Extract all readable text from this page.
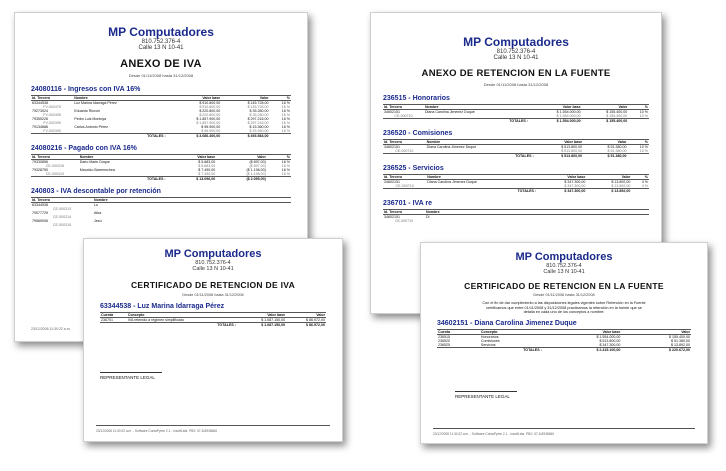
MP Computadores
810.752.376-4
Calle 13 N 10-41
ANEXO DE IVA
Desde 01/11/2008 hasta 31/12/2008
24080116 - Ingresos con IVA 16%
Id. Tercero	Nombre	Valor base	Valor	%
63344538	Luz Marina Idarraga Pérez	$ 910.800,00	$ 145.728,00	16 %
FV-002476		$ 910.800,00	$ 145.728,00	16 %
79273024	Eduardo Rincón	$ 220.800,00	$ 35.280,00	16 %
FV-002405		$ 220.800,00	$ 35.280,00	16 %
79355226	Pedro Luis Montoya	$ 1.857.900,00	$ 297.216,00	16 %
FV-002399		$ 1.857.900,00	$ 297.216,00	16 %
79134686	Carlos Antonio Pérez	$ 96.900,00	$ 15.360,00	16 %
FV-002390		$ 96.900,00	$ 15.360,00	16 %
	TOTALES :	$ 3.086.400,00	$ 493.584,00	
24080216 - Pagado con IVA 16%
Id. Tercero	Nombre	Valor base	Valor	%
79330856	Dario Marin Duque	$ 5.683,00	($ 897,00)	16 %
CE-000318		$ 5.683,00	($ 897,00)	16 %
79328750	Mauricio Barrenechea	$ 7.490,00	($ 1.198,00)	16 %
CE-000319		$ 7.490,00	($ 1.198,00)	16 %
	TOTALES :	$ 13.096,00	($ 2.095,00)	
240803 - IVA descontable por retención
Id. Tercero	Nombre
63344538	Lu
CE-000313	
79077729	Alba
CE-000314	
79569006	Jesú
CE-000315	
23/12/2008 11:30:22 a.m.
MP Computadores
810.752.376-4
Calle 13 N 10-41
ANEXO DE RETENCION EN LA FUENTE
Desde 01/11/2008 hasta 31/12/2008
236515 - Honorarios
Id. Tercero	Nombre	Valor base	Valor	%
34602151	Diana Carolina Jimenez Duque	$ 1.554.000,00	$ 155.400,00	10 %
CE-000710		$ 1.554.000,00	$ 155.400,00	10 %
	TOTALES :	$ 1.554.000,00	$ 155.400,00	
236520 - Comisiones
Id. Tercero	Nombre	Valor base	Valor	%
34602151	Diana Carolina Jimenez Duque	$ 513.800,00	$ 51.380,00	10 %
CE-000710		$ 513.800,00	$ 51.380,00	10 %
	TOTALES :	$ 513.800,00	$ 51.380,00	
236525 - Servicios
Id. Tercero	Nombre	Valor base	Valor	%
34602151	Diana Carolina Jimenez Duque	$ 347.300,00	$ 13.892,00	4 %
CE-000710		$ 347.300,00	$ 13.892,00	4 %
	TOTALES :	$ 347.300,00	$ 13.892,00	
236701 - IVA re
Id. Tercero	Nombre
34602151	Di
CE-000710	
MP Computadores
810.752.376-4
Calle 13 N 10-41
CERTIFICADO DE RETENCION DE IVA
Desde 01/11/2008 hasta 31/12/2008
63344538 - Luz Marina Idarraga Pérez
Cuenta	Concepto	Valor base	Valor
236701	IVA retenido a régimen simplificado	$ 1.087.150,00	$ 86.972,00
	TOTALES :	$ 1.087.150,00	$ 86.972,00
REPRESENTANTE LEGAL
23/12/2008 11:30:22 a.m. - Software ContaPyme 2.1 - InsoftLtda. PBX: 57-8-8936666
MP Computadores
810.752.376-4
Calle 13 N 10-41
CERTIFICADO DE RETENCION EN LA FUENTE
Desde 01/11/2008 hasta 31/12/2008
Con el fin de dar cumplimiento a las disposiciones legales vigentes sobre Retención en la Fuente certificamos que entre 01/11/2008 y 31/12/2008 practicamos la retención en la fuente que se detalla en cada uno de los conceptos a nombre:
34602151 - Diana Carolina Jimenez Duque
Cuenta	Concepto	Valor base	Valor
236515	Honorarios	$ 1.554.000,00	$ 155.400,00
236520	Comisiones	$ 513.800,00	$ 51.380,00
236525	Servicios	$ 347.300,00	$ 13.892,00
	TOTALES :	$ 2.415.100,00	$ 220.672,00
REPRESENTANTE LEGAL
23/12/2008 11:30:22 a.m. - Software ContaPyme 2.1 - InsoftLtda. PBX: 57-8-8936666
